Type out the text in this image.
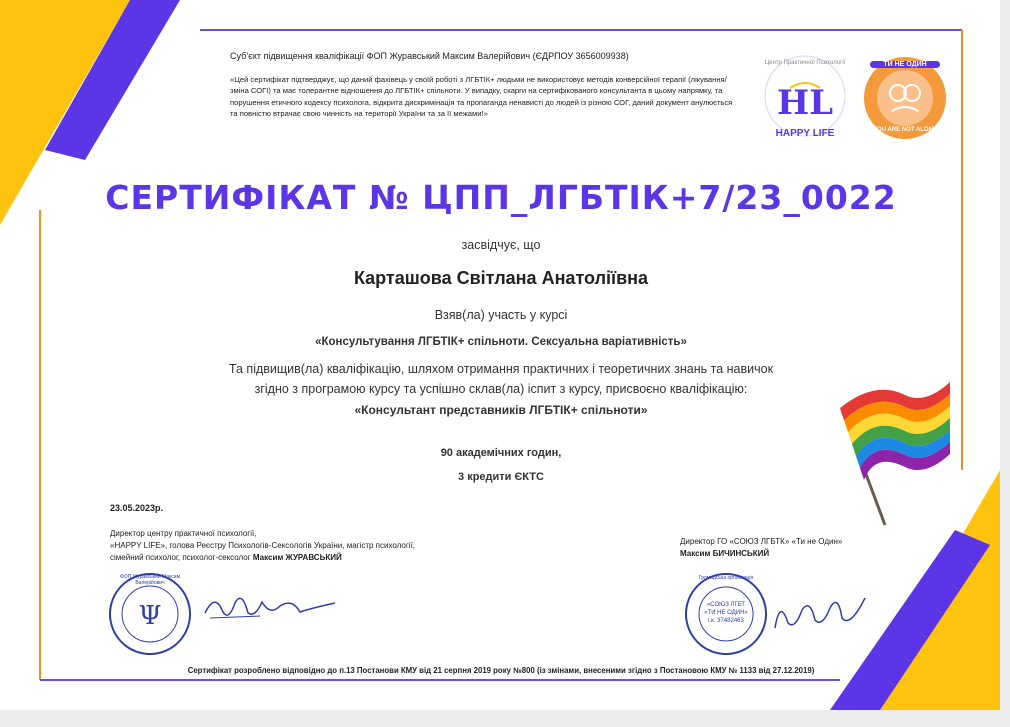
Суб’єкт підвищення кваліфікації ФОП Журавський Максим Валерійович (ЄДРПОУ 3656009938)
«Цей сертифікат підтверджує, що даний фахівець у своїй роботі з ЛГБТІК+ людьми не використовує методів конверсійної терапії (лікування/зміна СОГІ) та має толерантне відношення до ЛГБТІК+ спільноти. У випадку, скарги на сертифікованого консультанта в цьому напрямку, та порушення етичного кодексу психолога, відкрита дискримінація та пропаганда ненависті до людей із різною СОГ, даний документ анулюється та повністю втрачає свою чинність на території України та за її межами!»	HL
Центр Практичної Психології
HAPPY LIFE
ТИ НЕ ОДИН
YOU ARE NOT ALONE
СЕРТИФІКАТ № ЦПП_ЛГБТІК+7/23_0022
засвідчує, що
Карташова Світлана Анатоліївна
Взяв(ла) участь у курсі
«Консультування ЛГБТІК+ спільноти. Сексуальна варіативність»
Та підвищив(ла) кваліфікацію, шляхом отримання практичних і теоретичних знань та навичок
згідно з програмою курсу та успішно склав(ла) іспит з курсу, присвоєно кваліфікацію:
«Консультант представників ЛГБТІК+ спільноти»
90 академічних годин,
3 кредити ЄКТС
23.05.2023р.
Директор центру практичної психології,
«HAPPY LIFE», голова Реєстру Психологів-Сексологів України, магістр психології,
сімейний психолог, психолог-сексолог Максим ЖУРАВСЬКИЙ
Ψ
ФОП Журавський Максим Валерійович
Директор ГО «СОЮЗ ЛГБТК» «Ти не Один»
Максим БИЧИНСЬКИЙ
Громадська організація
«СОЮЗ ЛГБТ
«ТИ НЕ ОДИН»
і.к. 37482463
Сертифікат розроблено відповідно до п.13 Постанови КМУ від 21 серпня 2019 року №800 (із змінами, внесеними згідно з Постановою КМУ № 1133 від 27.12.2019)
